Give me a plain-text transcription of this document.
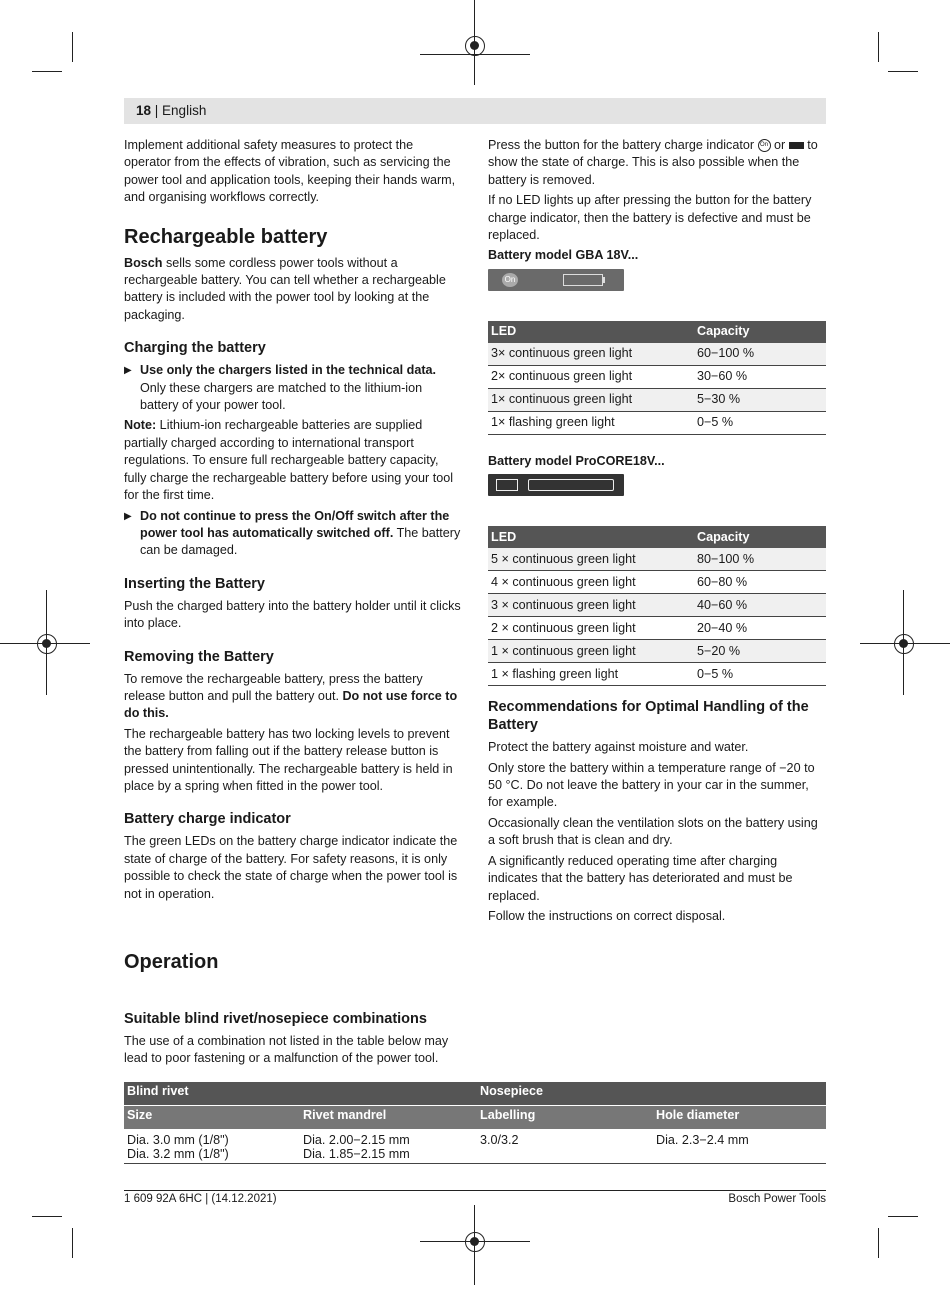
18 | English

Implement additional safety measures to protect the operator from the effects of vibration, such as servicing the power tool and application tools, keeping their hands warm, and organising workflows correctly.

Rechargeable battery

Bosch sells some cordless power tools without a rechargeable battery. You can tell whether a rechargeable battery is included with the power tool by looking at the packaging.

Charging the battery
▶ Use only the chargers listed in the technical data. Only these chargers are matched to the lithium-ion battery of your power tool.

Note: Lithium-ion rechargeable batteries are supplied partially charged according to international transport regulations. To ensure full rechargeable battery capacity, fully charge the rechargeable battery before using your tool for the first time.

▶ Do not continue to press the On/Off switch after the power tool has automatically switched off. The battery can be damaged.
Inserting the Battery

Push the charged battery into the battery holder until it clicks into place.

Removing the Battery

To remove the rechargeable battery, press the battery release button and pull the battery out. Do not use force to do this.

The rechargeable battery has two locking levels to prevent the battery from falling out if the battery release button is pressed unintentionally. The rechargeable battery is held in place by a spring when fitted in the power tool.

Battery charge indicator

The green LEDs on the battery charge indicator indicate the state of charge of the battery. For safety reasons, it is only possible to check the state of charge when the power tool is not in operation.

Press the button for the battery charge indicator On or  to show the state of charge. This is also possible when the battery is removed.

If no LED lights up after pressing the button for the battery charge indicator, then the battery is defective and must be replaced.

Battery model GBA 18V...
On
LED	Capacity
3× continuous green light	60−100 %
2× continuous green light	30−60 %
1× continuous green light	5−30 %
1× flashing green light	0−5 %
Battery model ProCORE18V...
LED	Capacity
5 × continuous green light	80−100 %
4 × continuous green light	60−80 %
3 × continuous green light	40−60 %
2 × continuous green light	20−40 %
1 × continuous green light	5−20 %
1 × flashing green light	0−5 %
Recommendations for Optimal Handling of the Battery

Protect the battery against moisture and water.

Only store the battery within a temperature range of −20 to 50 °C. Do not leave the battery in your car in the summer, for example.

Occasionally clean the ventilation slots on the battery using a soft brush that is clean and dry.

A significantly reduced operating time after charging indicates that the battery has deteriorated and must be replaced.

Follow the instructions on correct disposal.

Operation
Suitable blind rivet/nosepiece combinations

The use of a combination not listed in the table below may lead to poor fastening or a malfunction of the power tool.

Blind rivet	Nosepiece
Size	Rivet mandrel	Labelling	Hole diameter
Dia. 3.0 mm (1/8")	Dia. 2.00−2.15 mm	3.0/3.2	Dia. 2.3−2.4 mm
Dia. 3.2 mm (1/8")	Dia. 1.85−2.15 mm
1 609 92A 6HC | (14.12.2021)	Bosch Power Tools
